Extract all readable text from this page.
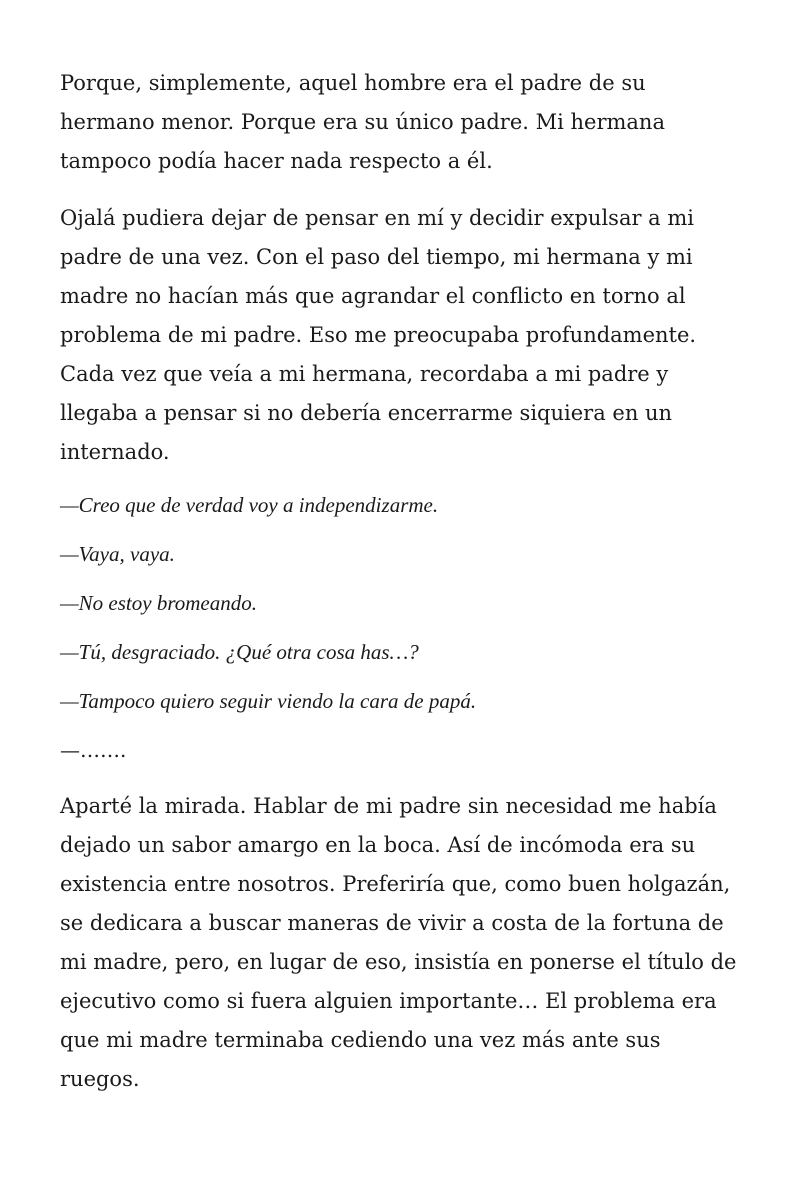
Porque, simplemente, aquel hombre era el padre de su hermano menor. Porque era su único padre. Mi hermana tampoco podía hacer nada respecto a él.

Ojalá pudiera dejar de pensar en mí y decidir expulsar a mi padre de una vez. Con el paso del tiempo, mi hermana y mi madre no hacían más que agrandar el conflicto en torno al problema de mi padre. Eso me preocupaba profundamente. Cada vez que veía a mi hermana, recordaba a mi padre y llegaba a pensar si no debería encerrarme siquiera en un internado.

—Creo que de verdad voy a independizarme.

—Vaya, vaya.

—No estoy bromeando.

—Tú, desgraciado. ¿Qué otra cosa has…?

—Tampoco quiero seguir viendo la cara de papá.

—…….

Aparté la mirada. Hablar de mi padre sin necesidad me había dejado un sabor amargo en la boca. Así de incómoda era su existencia entre nosotros. Preferiría que, como buen holgazán, se dedicara a buscar maneras de vivir a costa de la fortuna de mi madre, pero, en lugar de eso, insistía en ponerse el título de ejecutivo como si fuera alguien importante… El problema era que mi madre terminaba cediendo una vez más ante sus ruegos.
